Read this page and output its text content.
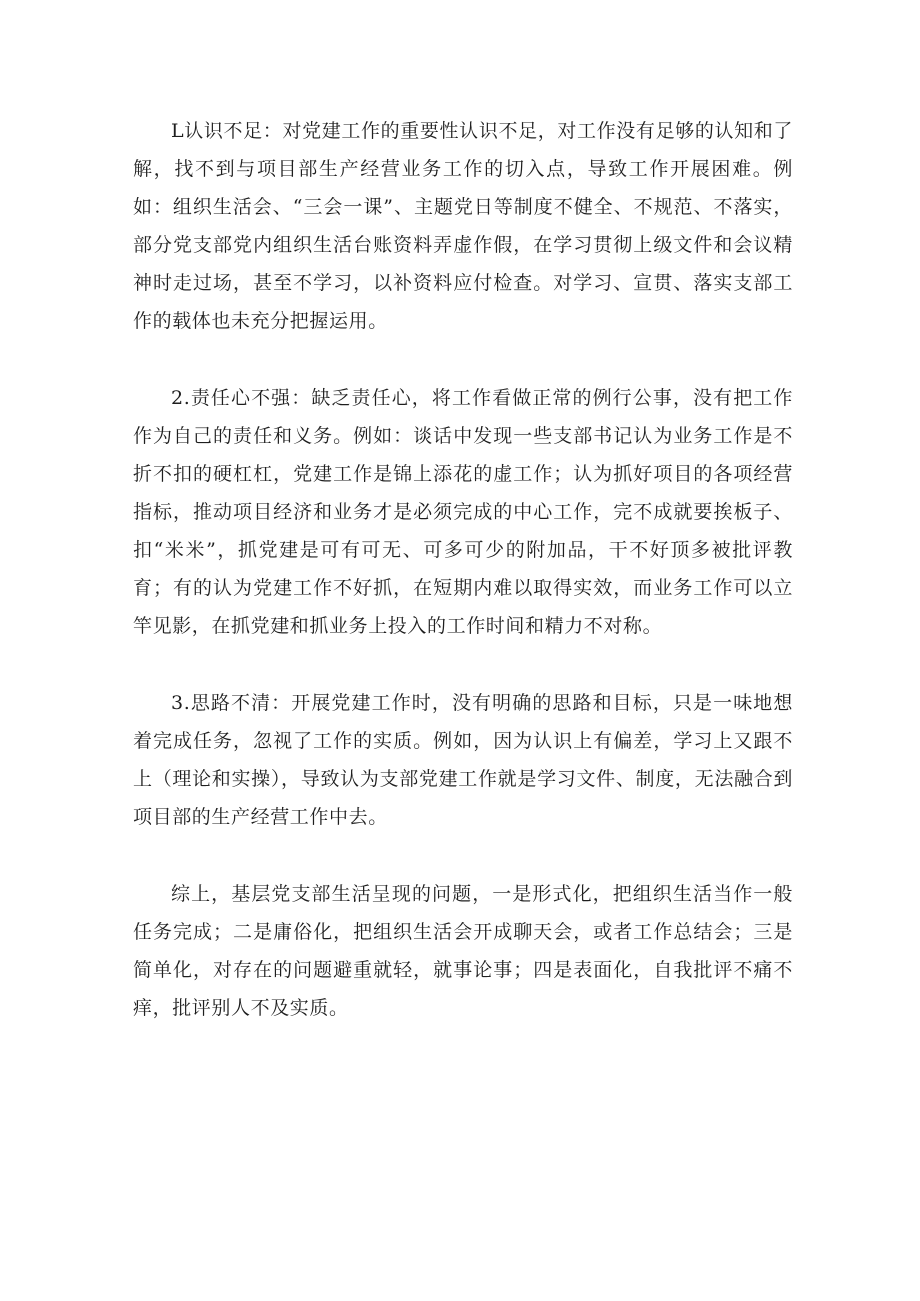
L认识不足：对党建工作的重要性认识不足，对工作没有足够的认知和了解，找不到与项目部生产经营业务工作的切入点，导致工作开展困难。例如：组织生活会、“三会一课”、主题党日等制度不健全、不规范、不落实，部分党支部党内组织生活台账资料弄虚作假，在学习贯彻上级文件和会议精神时走过场，甚至不学习，以补资料应付检查。对学习、宣贯、落实支部工作的载体也未充分把握运用。

2.责任心不强：缺乏责任心，将工作看做正常的例行公事，没有把工作作为自己的责任和义务。例如：谈话中发现一些支部书记认为业务工作是不折不扣的硬杠杠，党建工作是锦上添花的虚工作；认为抓好项目的各项经营指标，推动项目经济和业务才是必须完成的中心工作，完不成就要挨板子、扣“米米”，抓党建是可有可无、可多可少的附加品，干不好顶多被批评教育；有的认为党建工作不好抓，在短期内难以取得实效，而业务工作可以立竿见影，在抓党建和抓业务上投入的工作时间和精力不对称。

3.思路不清：开展党建工作时，没有明确的思路和目标，只是一味地想着完成任务，忽视了工作的实质。例如，因为认识上有偏差，学习上又跟不上（理论和实操），导致认为支部党建工作就是学习文件、制度，无法融合到项目部的生产经营工作中去。

综上，基层党支部生活呈现的问题，一是形式化，把组织生活当作一般任务完成；二是庸俗化，把组织生活会开成聊天会，或者工作总结会；三是简单化，对存在的问题避重就轻，就事论事；四是表面化，自我批评不痛不痒，批评别人不及实质。
